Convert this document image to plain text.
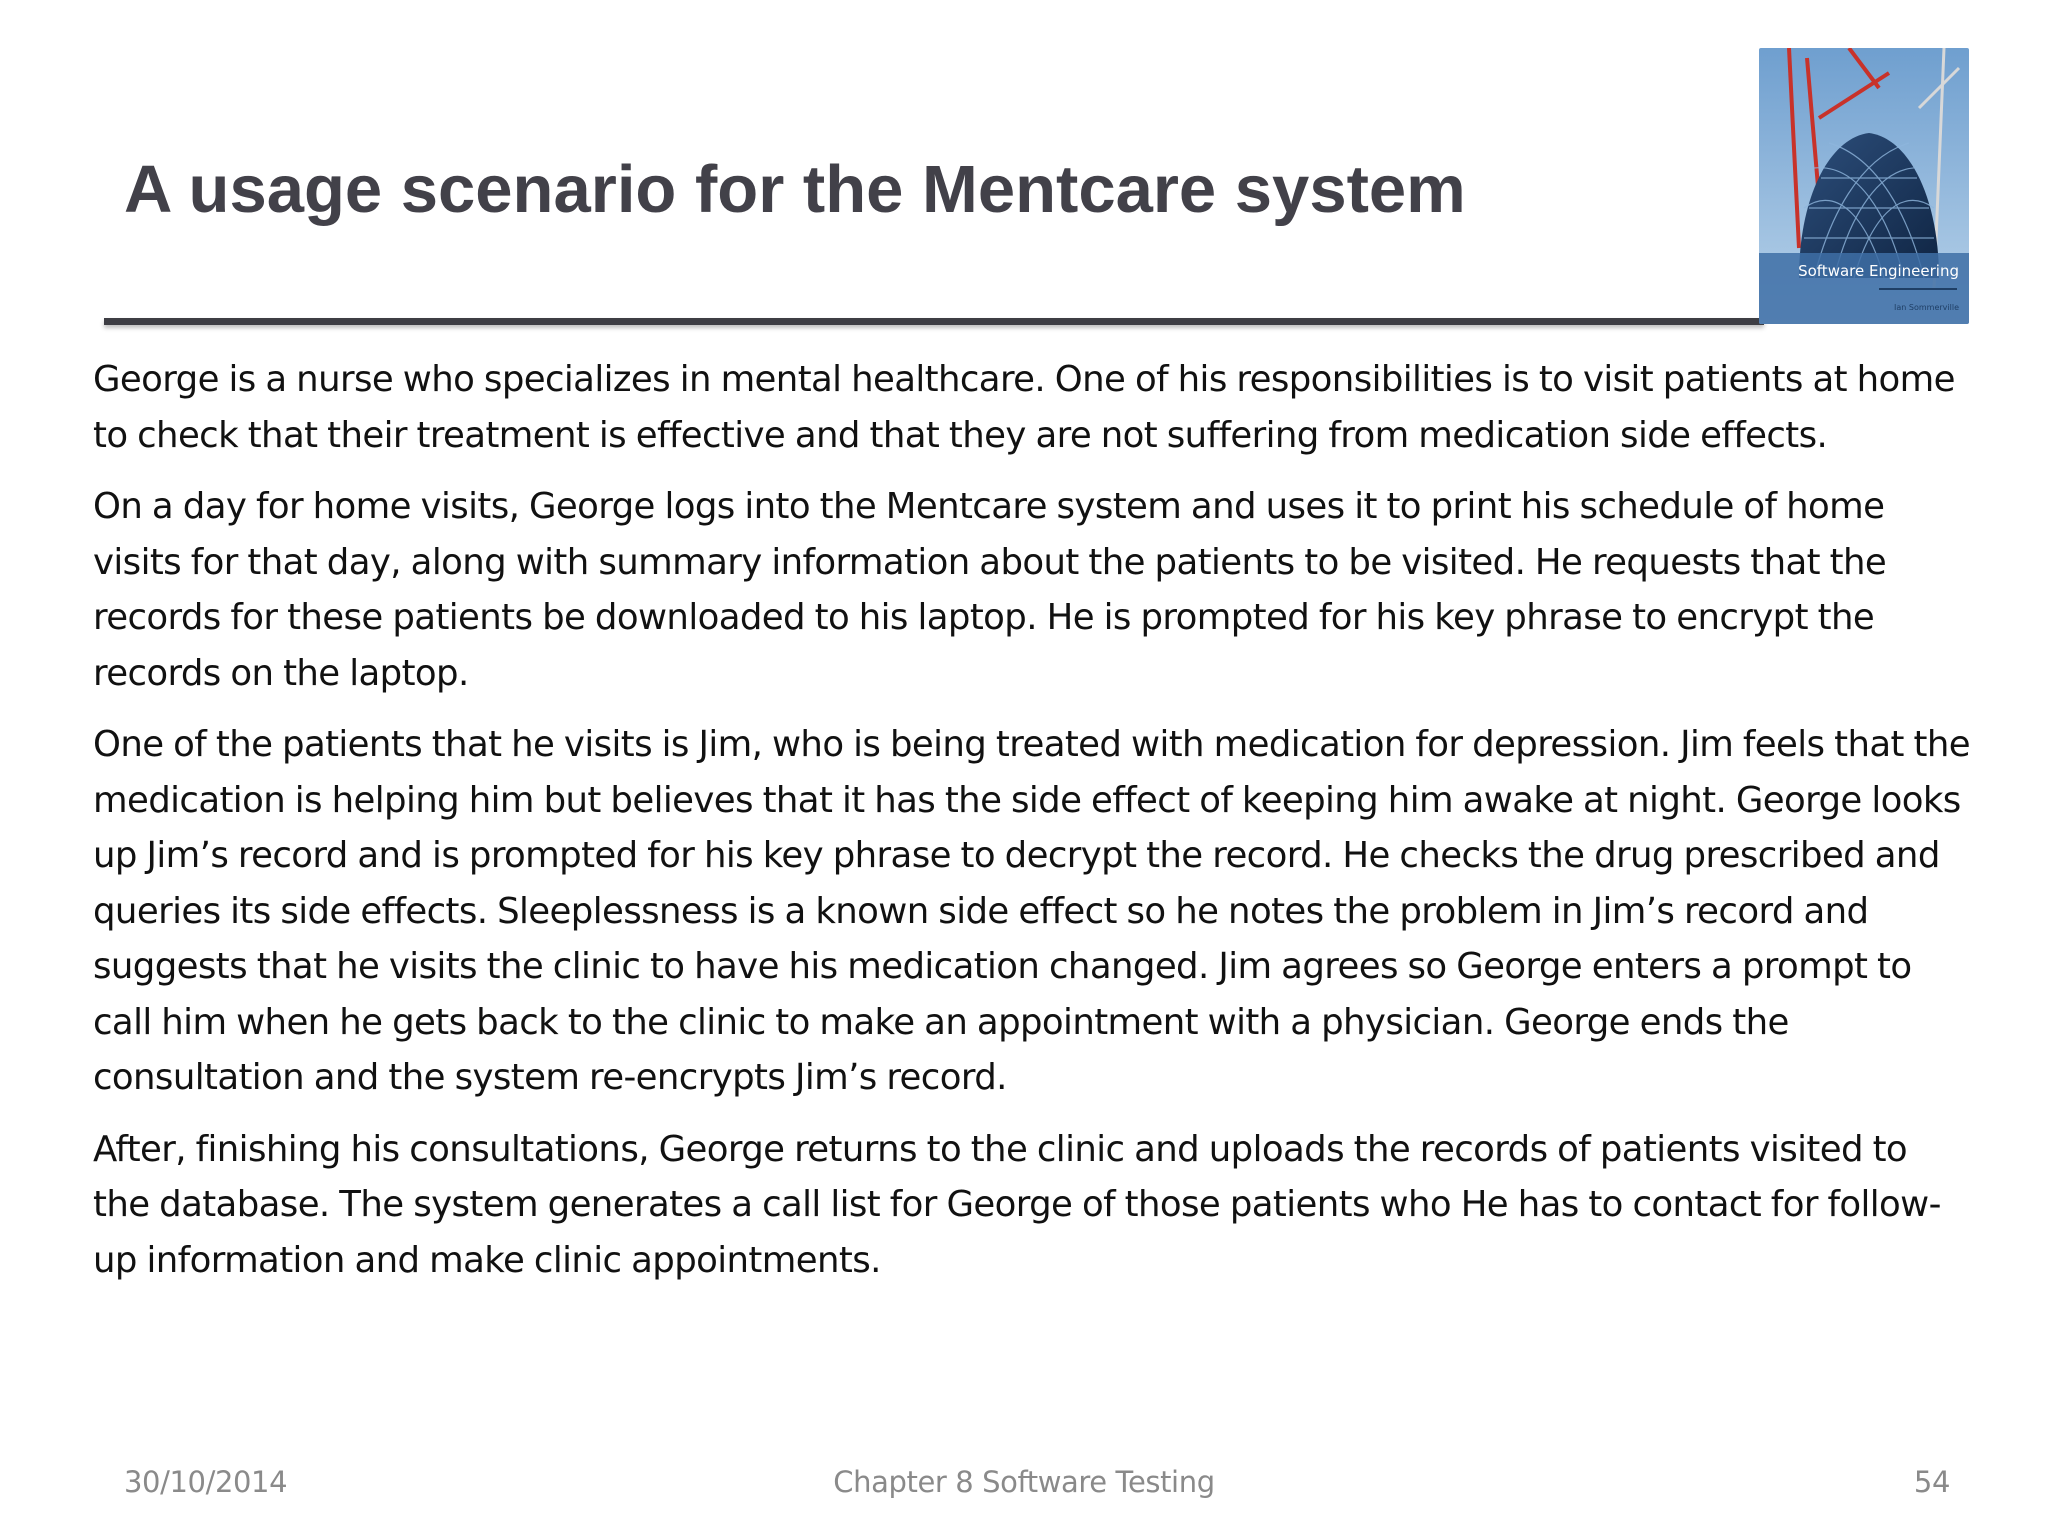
A usage scenario for the Mentcare system
Software Engineering
Ian Sommerville

George is a nurse who specializes in mental healthcare. One of his responsibilities is to visit patients at home to check that their treatment is effective and that they are not suffering from medication side effects.

On a day for home visits, George logs into the Mentcare system and uses it to print his schedule of home visits for that day, along with summary information about the patients to be visited. He requests that the records for these patients be downloaded to his laptop. He is prompted for his key phrase to encrypt the records on the laptop.

One of the patients that he visits is Jim, who is being treated with medication for depression. Jim feels that the medication is helping him but believes that it has the side effect of keeping him awake at night. George looks up Jim’s record and is prompted for his key phrase to decrypt the record. He checks the drug prescribed and queries its side effects. Sleeplessness is a known side effect so he notes the problem in Jim’s record and suggests that he visits the clinic to have his medication changed. Jim agrees so George enters a prompt to call him when he gets back to the clinic to make an appointment with a physician. George ends the consultation and the system re-encrypts Jim’s record.

After, finishing his consultations, George returns to the clinic and uploads the records of patients visited to the database. The system generates a call list for George of those patients who He has to contact for follow-up information and make clinic appointments.

Chapter 8 Software Testing
30/10/2014	54
